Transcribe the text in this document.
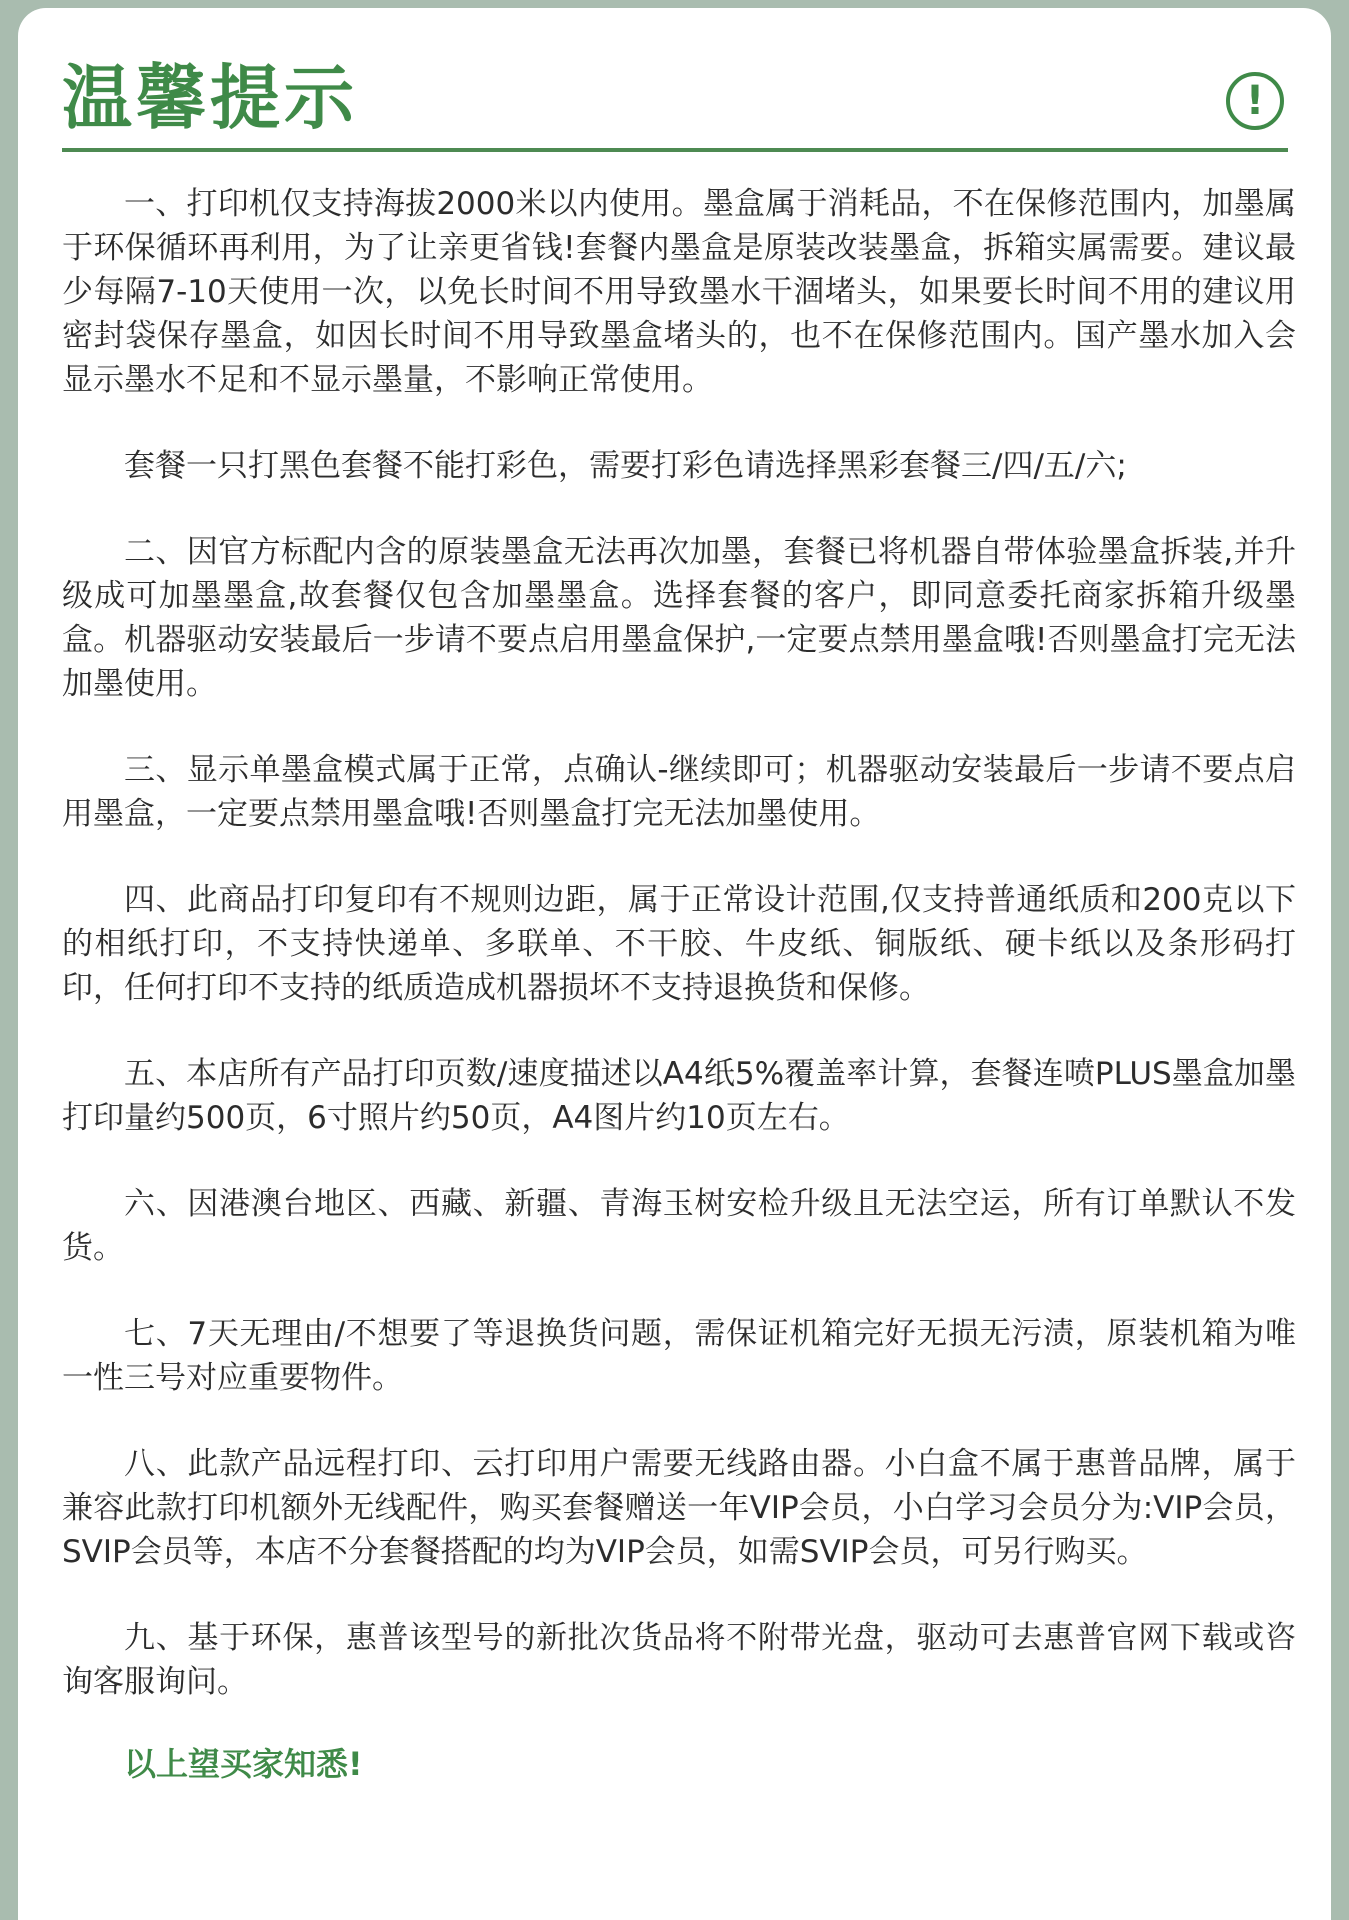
温馨提示	!

一、打印机仅支持海拔2000米以内使用。墨盒属于消耗品，不在保修范围内，加墨属于环保循环再利用，为了让亲更省钱!套餐内墨盒是原装改装墨盒，拆箱实属需要。建议最少每隔7-10天使用一次，以免长时间不用导致墨水干涸堵头，如果要长时间不用的建议用密封袋保存墨盒，如因长时间不用导致墨盒堵头的，也不在保修范围内。国产墨水加入会显示墨水不足和不显示墨量，不影响正常使用。

套餐一只打黑色套餐不能打彩色，需要打彩色请选择黑彩套餐三/四/五/六;

二、因官方标配内含的原装墨盒无法再次加墨，套餐已将机器自带体验墨盒拆装,并升级成可加墨墨盒,故套餐仅包含加墨墨盒。选择套餐的客户，即同意委托商家拆箱升级墨盒。机器驱动安装最后一步请不要点启用墨盒保护,一定要点禁用墨盒哦!否则墨盒打完无法加墨使用。

三、显示单墨盒模式属于正常，点确认-继续即可；机器驱动安装最后一步请不要点启用墨盒，一定要点禁用墨盒哦!否则墨盒打完无法加墨使用。

四、此商品打印复印有不规则边距，属于正常设计范围,仅支持普通纸质和200克以下的相纸打印，不支持快递单、多联单、不干胶、牛皮纸、铜版纸、硬卡纸以及条形码打印，任何打印不支持的纸质造成机器损坏不支持退换货和保修。

五、本店所有产品打印页数/速度描述以A4纸5%覆盖率计算，套餐连喷PLUS墨盒加墨打印量约500页，6寸照片约50页，A4图片约10页左右。

六、因港澳台地区、西藏、新疆、青海玉树安检升级且无法空运，所有订单默认不发货。

七、7天无理由/不想要了等退换货问题，需保证机箱完好无损无污渍，原装机箱为唯一性三号对应重要物件。

八、此款产品远程打印、云打印用户需要无线路由器。小白盒不属于惠普品牌，属于兼容此款打印机额外无线配件，购买套餐赠送一年VIP会员，小白学习会员分为:VIP会员，SVIP会员等，本店不分套餐搭配的均为VIP会员，如需SVIP会员，可另行购买。

九、基于环保，惠普该型号的新批次货品将不附带光盘，驱动可去惠普官网下载或咨询客服询问。

以上望买家知悉!
